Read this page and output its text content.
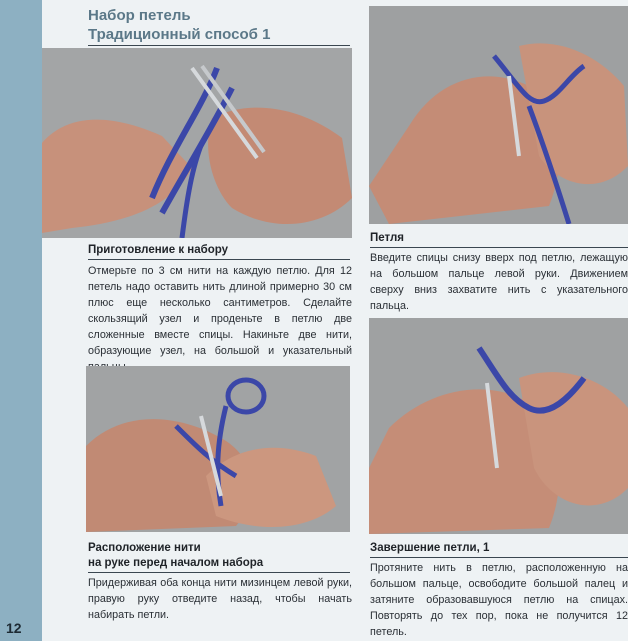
12
Набор петель
Традиционный способ 1
Приготовление к набору
Отмерьте по 3 см нити на каждую петлю. Для 12 петель надо оставить нить длиной примерно 30 см плюс еще несколько сантиметров. Сделайте скользящий узел и проденьте в петлю две сложенные вместе спицы. Накиньте две нити, образующие узел, на большой и указательный
Расположение нити
на руке перед началом набора
Придерживая оба конца нити мизинцем левой руки, правую руку отведите назад, чтобы начать набирать петли.
Петля
Введите спицы снизу вверх под петлю, лежащую на большом пальце левой руки. Движением сверху вниз захватите нить с указательного пальца.
Завершение петли, 1
Протяните нить в петлю, расположенную на большом пальце, освободите большой палец и затяните образовавшуюся петлю на спицах. Повторять до тех пор, пока не получится 12 петель.
